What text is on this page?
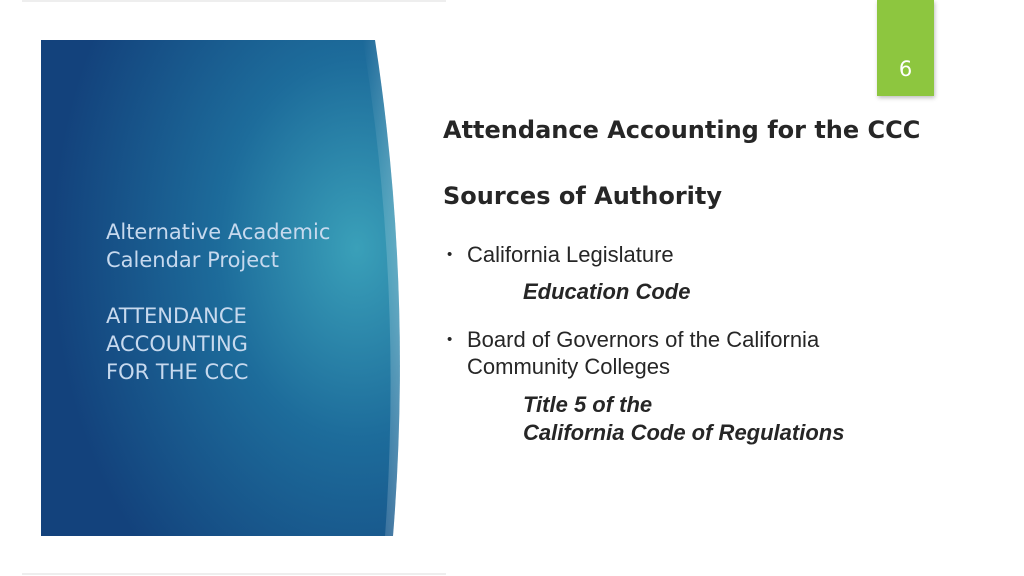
Alternative Academic
Calendar Project
ATTENDANCE
ACCOUNTING
FOR THE CCC
6
Attendance Accounting for the CCC
Sources of Authority
• California Legislature
Education Code
• Board of Governors of the California
Community Colleges
Title 5 of the
California Code of Regulations
